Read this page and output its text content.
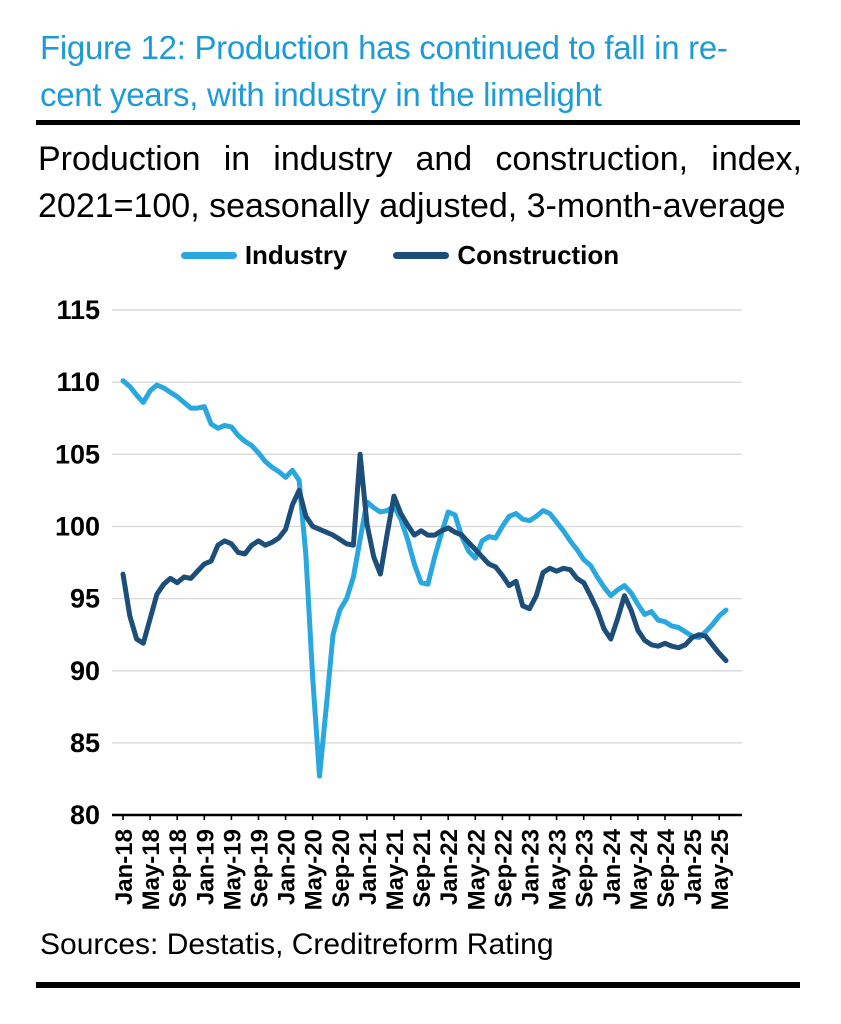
Figure 12: Production has continued to fall in re-
cent years, with industry in the limelight
Production in industry and construction, index,
2021=100, seasonally adjusted, 3-month-average
Industry	Construction
115
110
105
100
95
90
85
80
Jan-18 May-18 Sep-18 Jan-19 May-19 Sep-19 Jan-20 May-20 Sep-20 Jan-21 May-21 Sep-21 Jan-22 May-22 Sep-22 Jan-23 May-23 Sep-23 Jan-24 May-24 Sep-24 Jan-25 May-25
Sources: Destatis, Creditreform Rating
